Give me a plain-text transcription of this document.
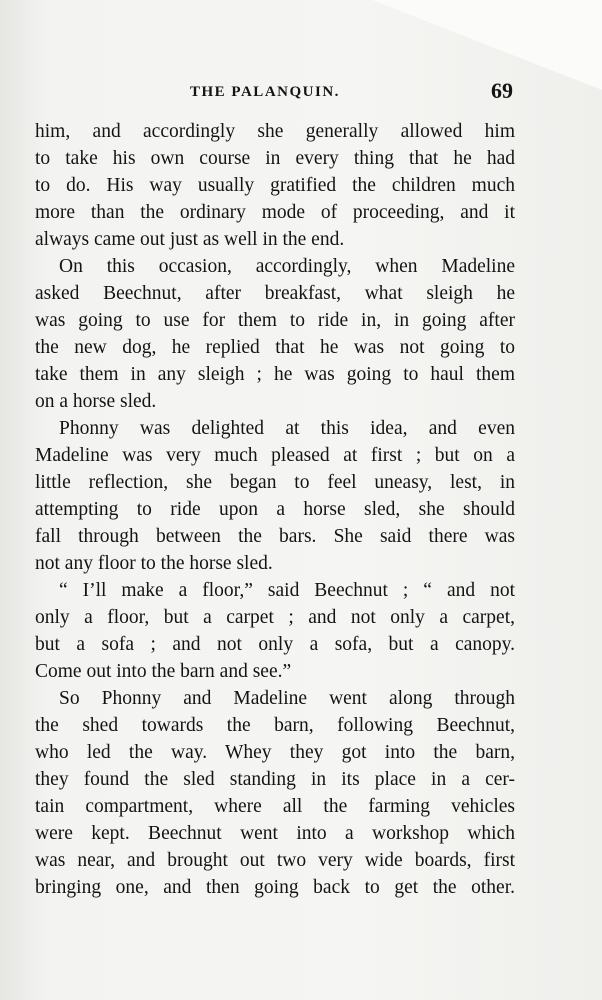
THE PALANQUIN.	69
him, and accordingly she generally allowed him
to take his own course in every thing that he had
to do. His way usually gratified the children much
more than the ordinary mode of proceeding, and it
always came out just as well in the end.
On this occasion, accordingly, when Madeline
asked Beechnut, after breakfast, what sleigh he
was going to use for them to ride in, in going after
the new dog, he replied that he was not going to
take them in any sleigh ; he was going to haul them
on a horse sled.
Phonny was delighted at this idea, and even
Madeline was very much pleased at first ; but on a
little reflection, she began to feel uneasy, lest, in
attempting to ride upon a horse sled, she should
fall through between the bars. She said there was
not any floor to the horse sled.
“ I’ll make a floor,” said Beechnut ; “ and not
only a floor, but a carpet ; and not only a carpet,
but a sofa ; and not only a sofa, but a canopy.
Come out into the barn and see.”
So Phonny and Madeline went along through
the shed towards the barn, following Beechnut,
who led the way. Whey they got into the barn,
they found the sled standing in its place in a cer-
tain compartment, where all the farming vehicles
were kept. Beechnut went into a workshop which
was near, and brought out two very wide boards, first
bringing one, and then going back to get the other.
